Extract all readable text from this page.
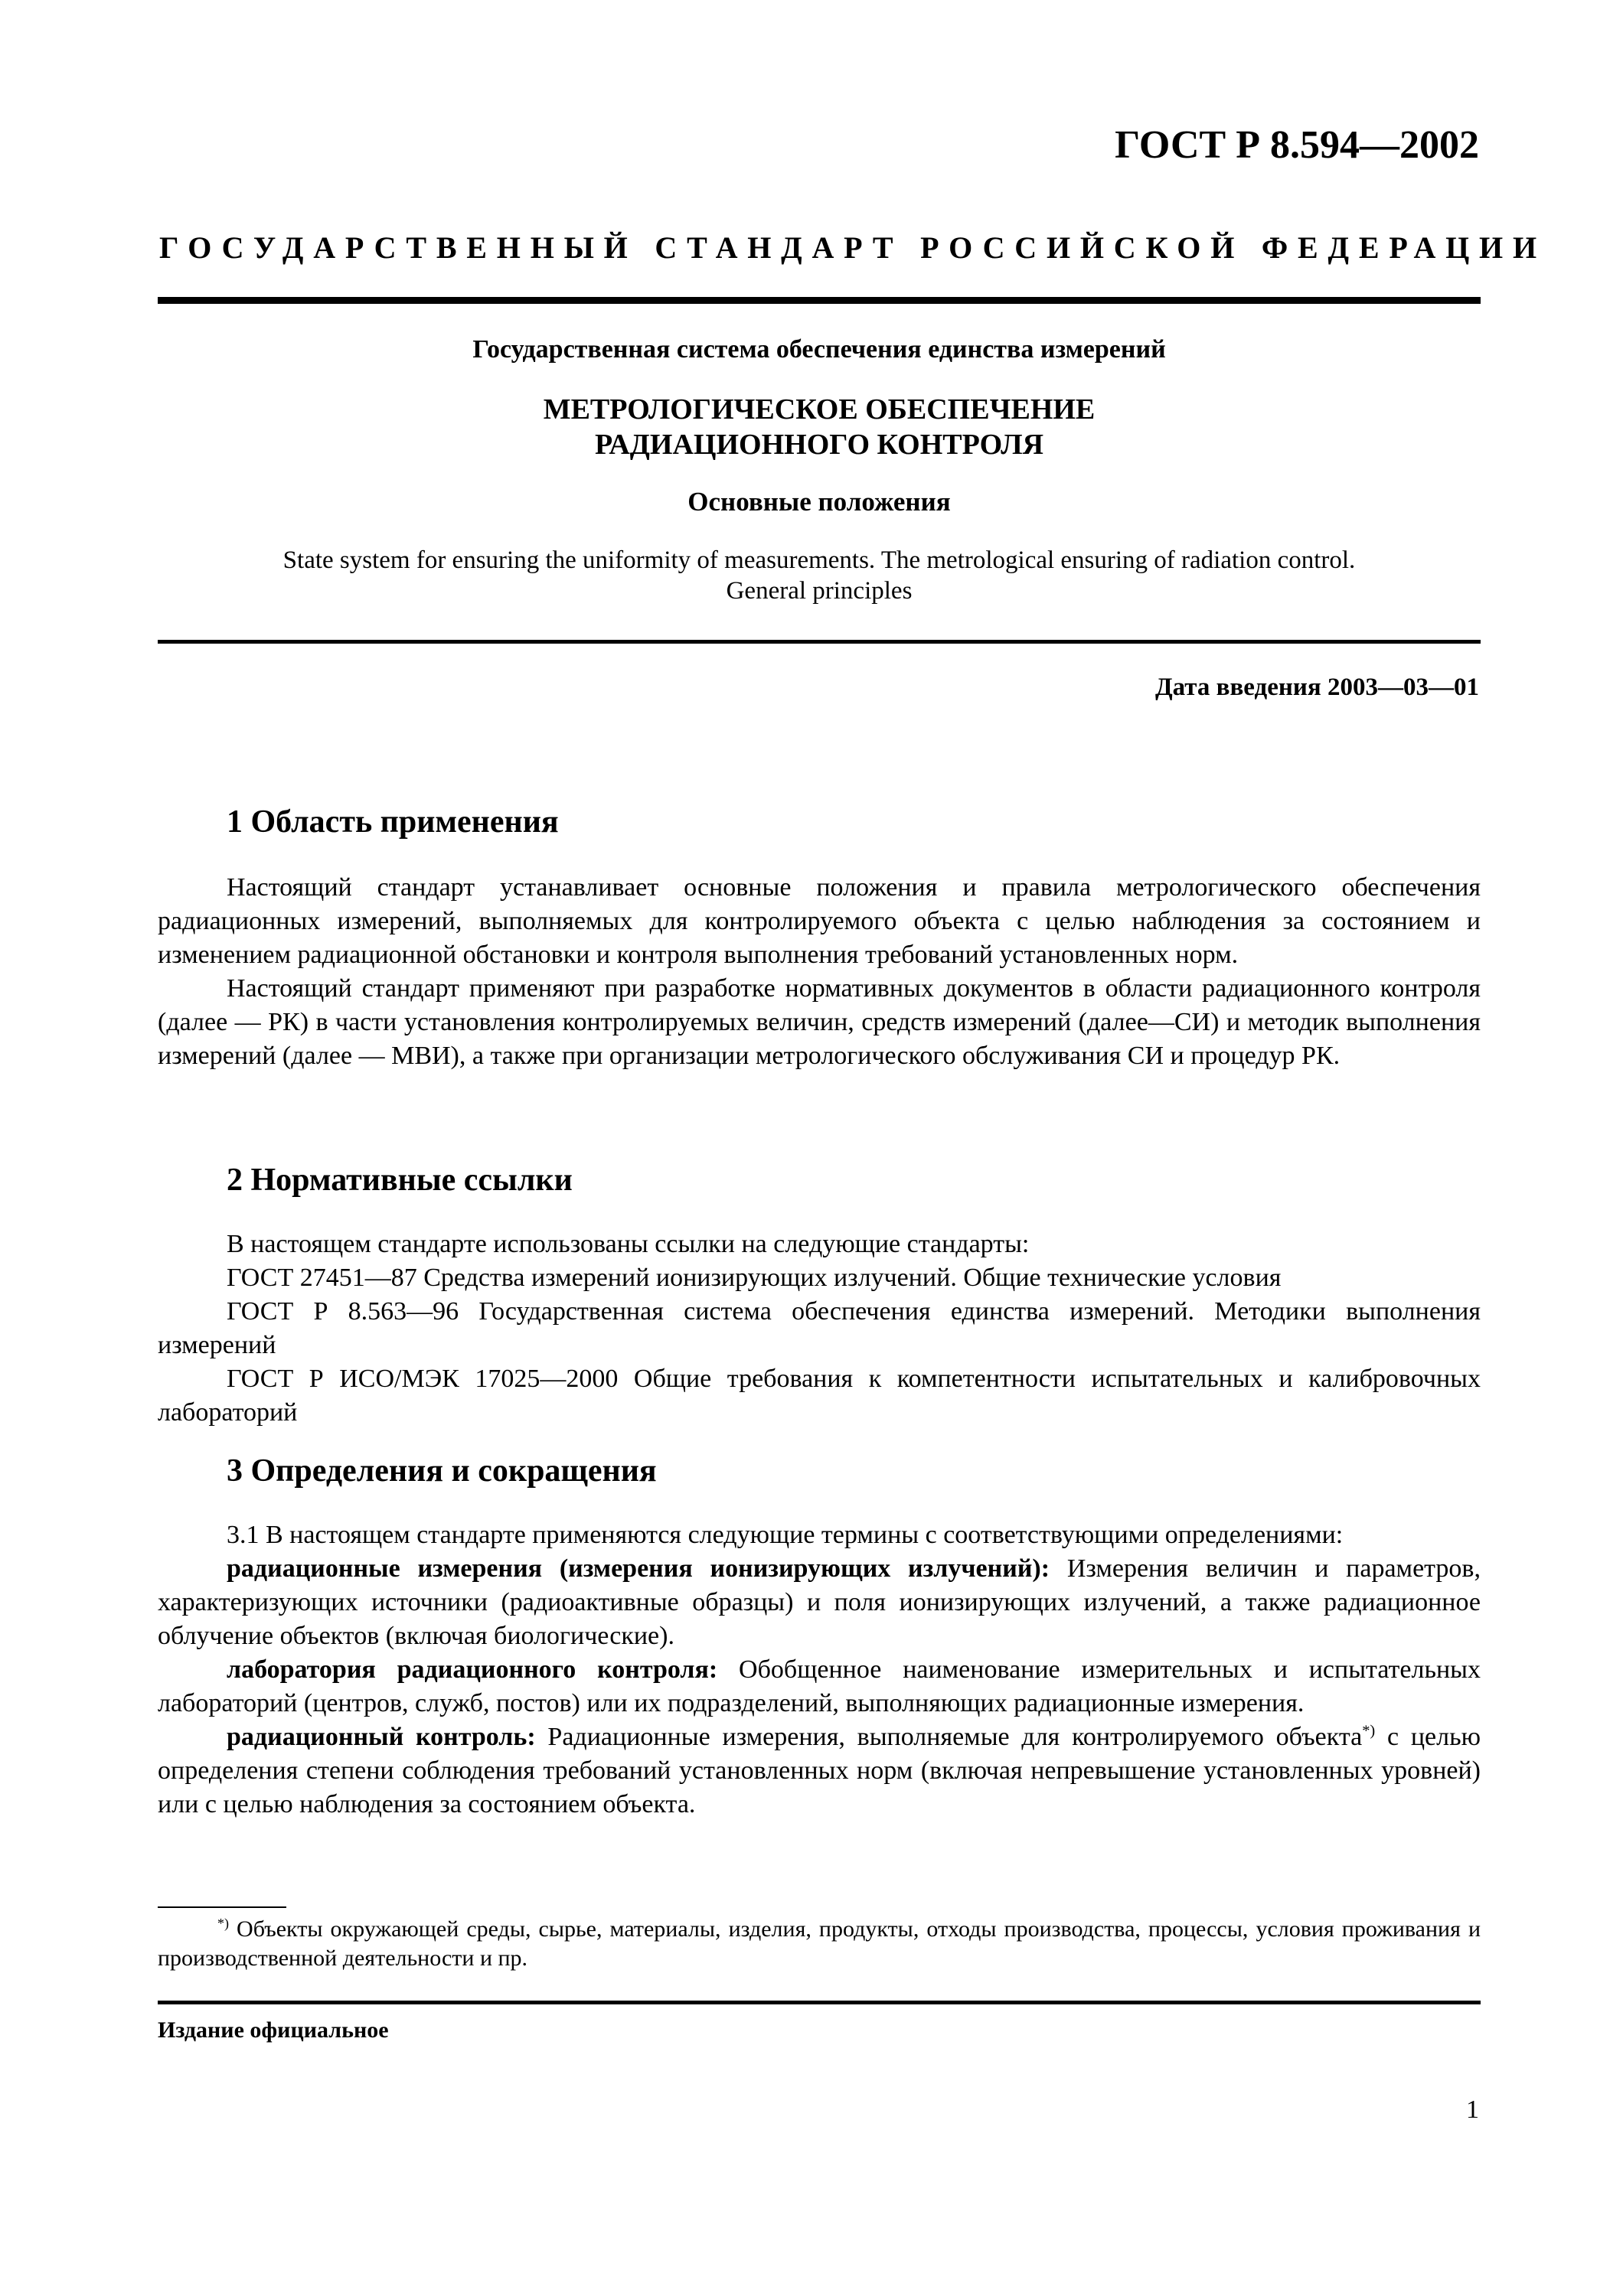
ГОСТ Р 8.594—2002
ГОСУДАРСТВЕННЫЙ СТАНДАРТ РОССИЙСКОЙ ФЕДЕРАЦИИ
Государственная система обеспечения единства измерений
МЕТРОЛОГИЧЕСКОЕ ОБЕСПЕЧЕНИЕ
РАДИАЦИОННОГО КОНТРОЛЯ
Основные положения
State system for ensuring the uniformity of measurements. The metrological ensuring of radiation control.
General principles
Дата введения 2003—03—01
1 Область применения

Настоящий стандарт устанавливает основные положения и правила метрологического обеспечения радиационных измерений, выполняемых для контролируемого объекта с целью наблюдения за состоянием и изменением радиационной обстановки и контроля выполнения требований установленных норм.

Настоящий стандарт применяют при разработке нормативных документов в области радиационного контроля (далее — РК) в части установления контролируемых величин, средств измерений (далее—СИ) и методик выполнения измерений (далее — МВИ), а также при организации метрологического обслуживания СИ и процедур РК.

2 Нормативные ссылки

В настоящем стандарте использованы ссылки на следующие стандарты:

ГОСТ 27451—87 Средства измерений ионизирующих излучений. Общие технические условия

ГОСТ Р 8.563—96 Государственная система обеспечения единства измерений. Методики выполнения измерений

ГОСТ Р ИСО/МЭК 17025—2000 Общие требования к компетентности испытательных и калибровочных лабораторий

3 Определения и сокращения

3.1 В настоящем стандарте применяются следующие термины с соответствующими определениями:

радиационные измерения (измерения ионизирующих излучений): Измерения величин и параметров, характеризующих источники (радиоактивные образцы) и поля ионизирующих излучений, а также радиационное облучение объектов (включая биологические).

лаборатория радиационного контроля: Обобщенное наименование измерительных и испытательных лабораторий (центров, служб, постов) или их подразделений, выполняющих радиационные измерения.

радиационный контроль: Радиационные измерения, выполняемые для контролируемого объекта*) с целью определения степени соблюдения требований установленных норм (включая непревышение установленных уровней) или с целью наблюдения за состоянием объекта.

*) Объекты окружающей среды, сырье, материалы, изделия, продукты, отходы производства, процессы, условия проживания и производственной деятельности и пр.

Издание официальное
1
